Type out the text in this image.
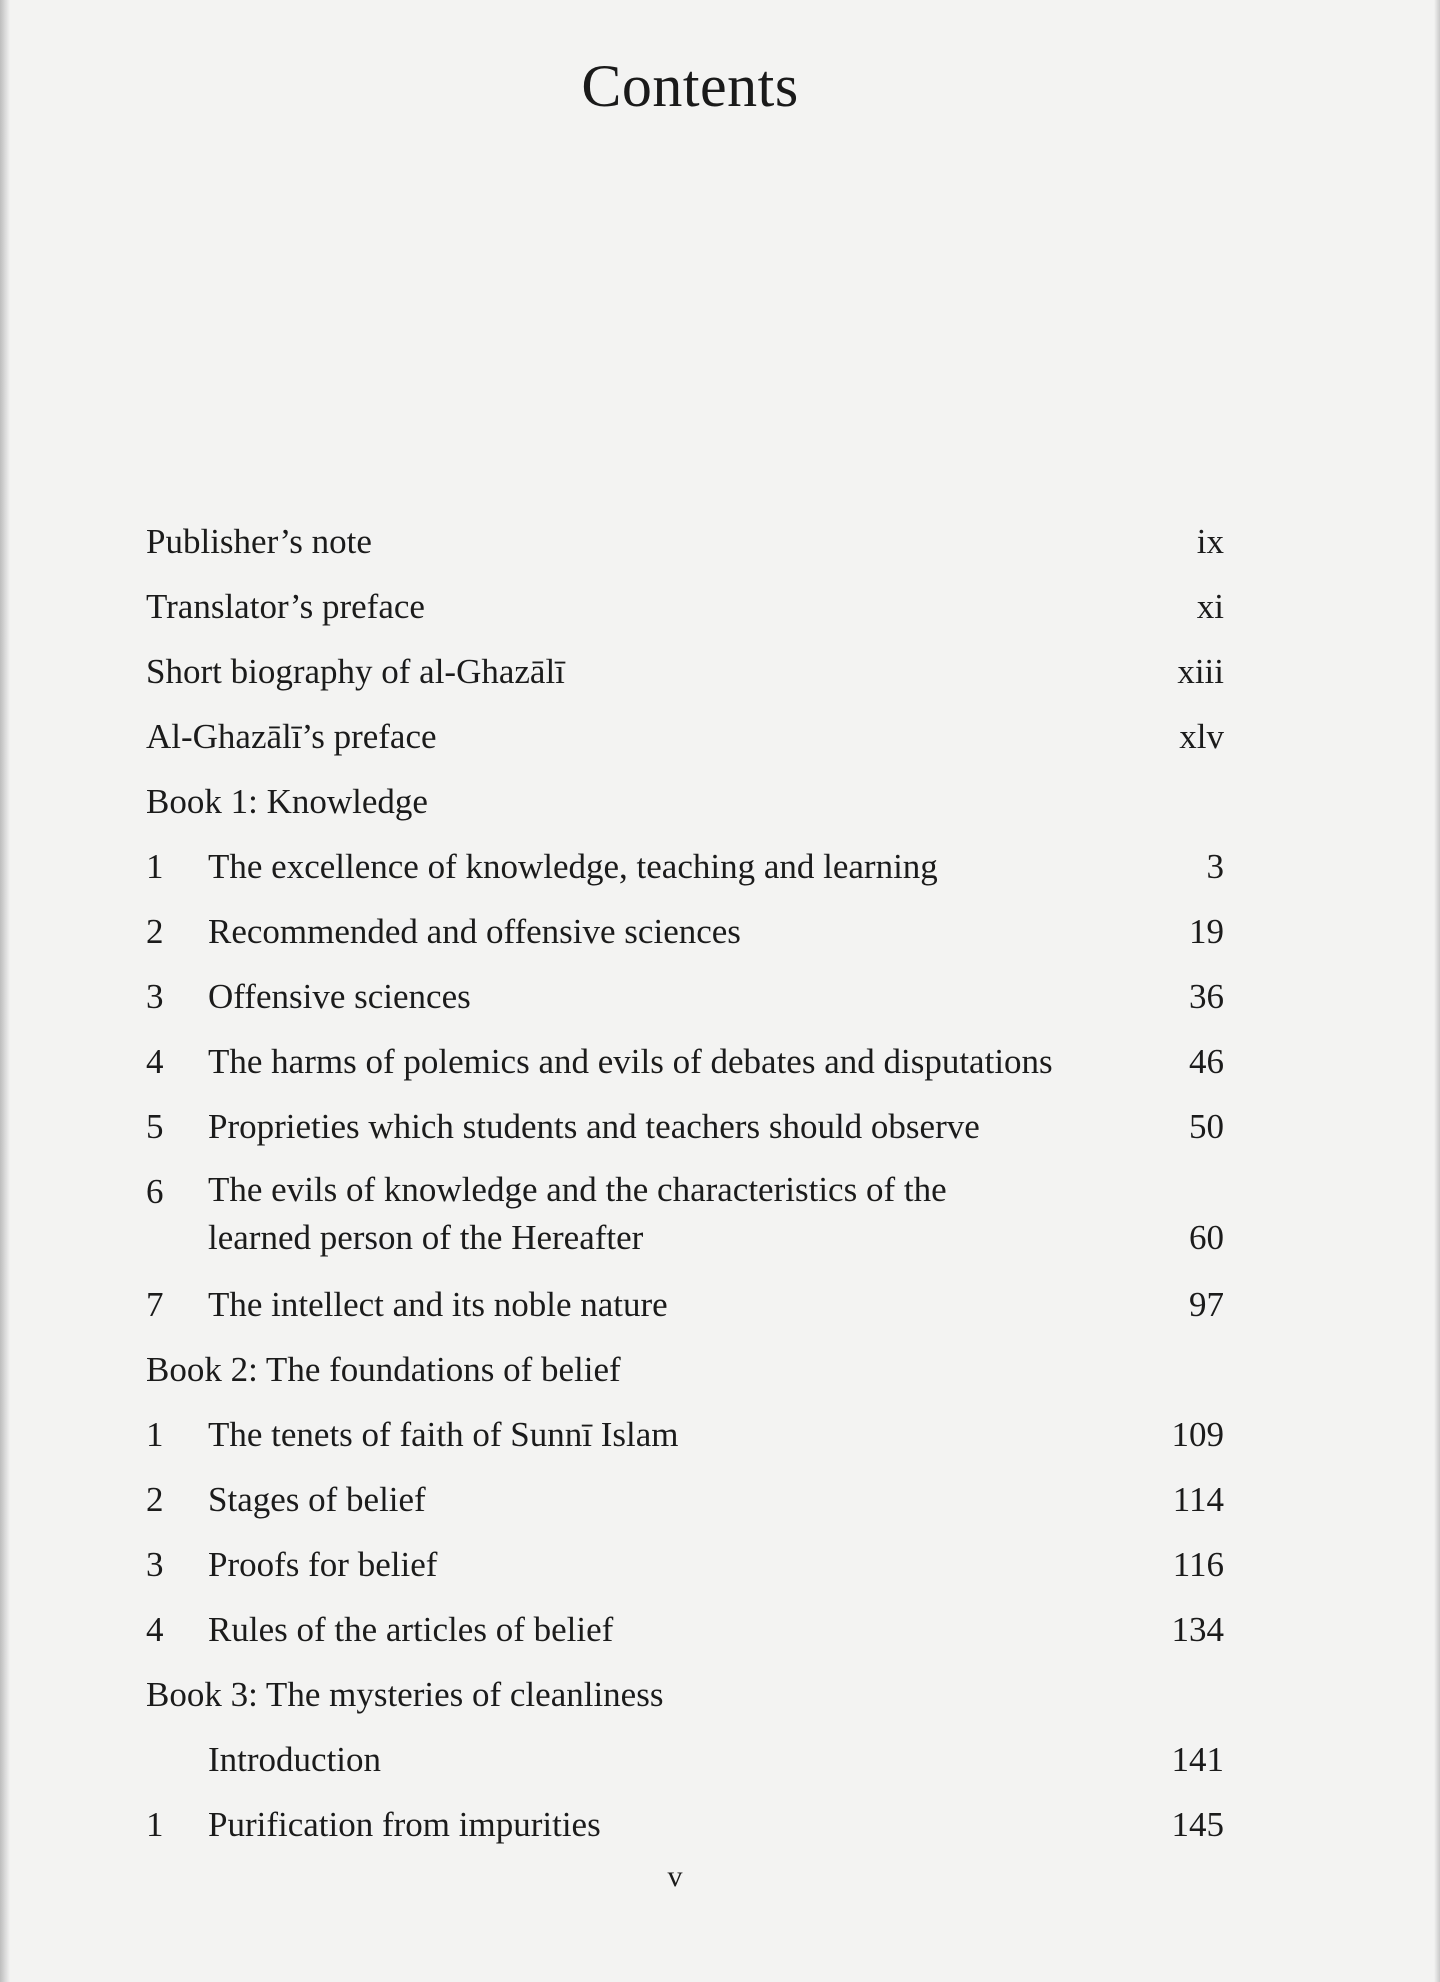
Contents
Publisher’s note	ix
Translator’s preface	xi
Short biography of al-Ghazālī	xiii
Al-Ghazālī’s preface	xlv
Book 1: Knowledge
1	The excellence of knowledge, teaching and learning	3
2	Recommended and offensive sciences	19
3	Offensive sciences	36
4	The harms of polemics and evils of debates and disputations	46
5	Proprieties which students and teachers should observe	50
6	The evils of knowledge and the characteristics of the
learned person of the Hereafter	60
7	The intellect and its noble nature	97
Book 2: The foundations of belief
1	The tenets of faith of Sunnī Islam	109
2	Stages of belief	114
3	Proofs for belief	116
4	Rules of the articles of belief	134
Book 3: The mysteries of cleanliness
Introduction	141
1	Purification from impurities	145
v
